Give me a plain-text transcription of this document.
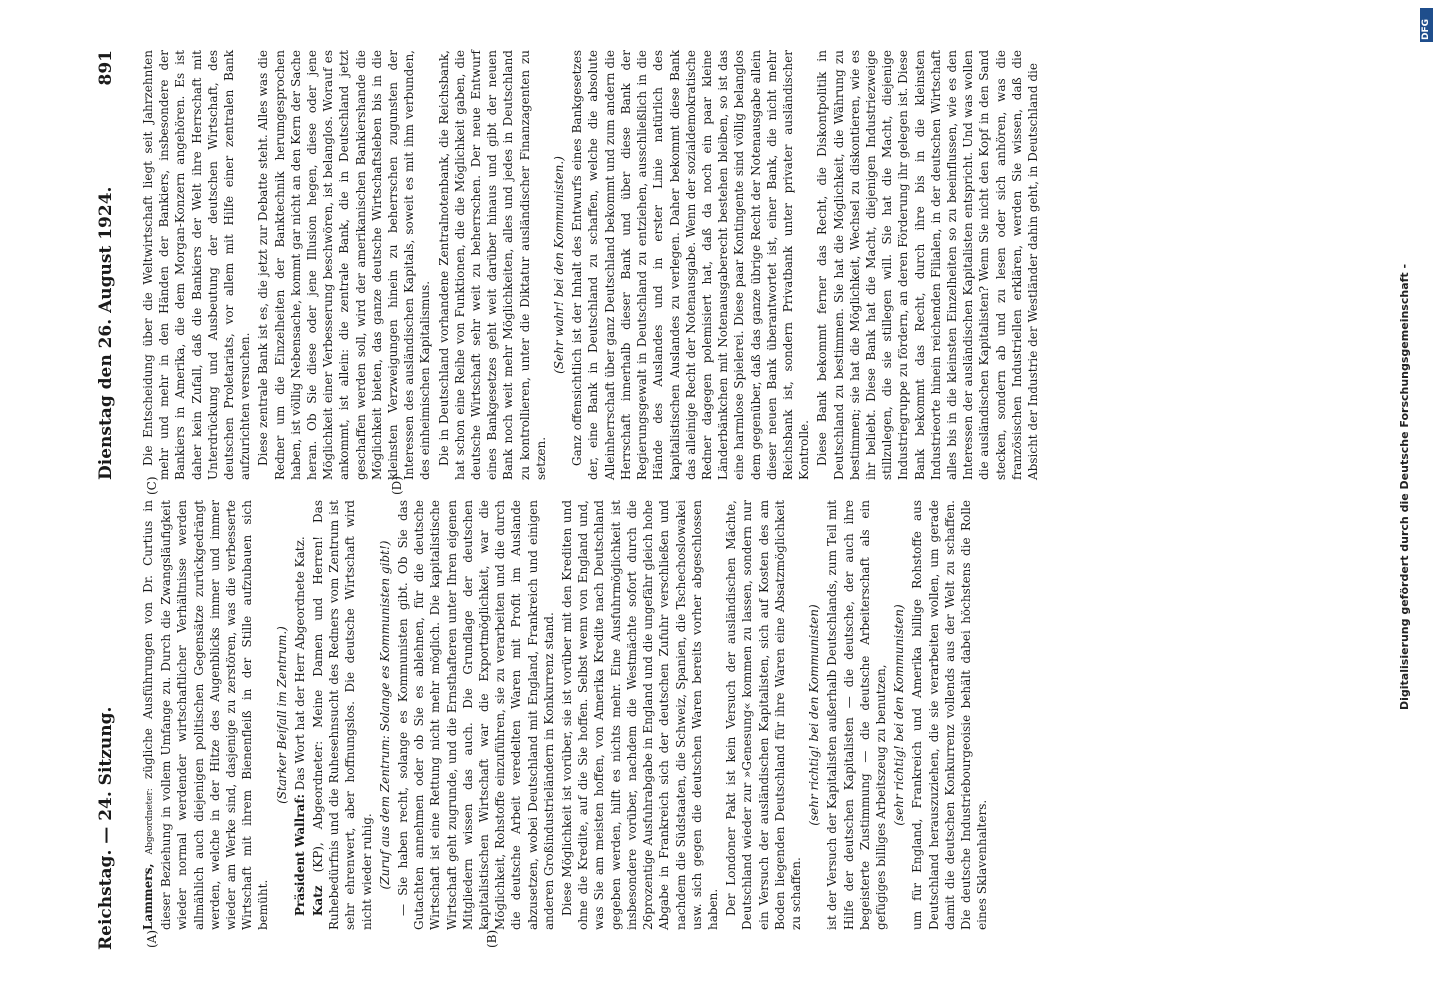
Reichstag. — 24. Sitzung.
Dienstag den 26. August 1924.
891
(A)	(B)
(C)	(D)

Lammers, Abgeordneter: zügliche Ausführungen von Dr. Curtius in dieser Beziehung in vollem Umfange zu. Durch die Zwangsläufigkeit wieder normal werdender wirtschaftlicher Verhältnisse werden allmählich auch diejenigen politischen Gegensätze zurückgedrängt werden, welche in der Hitze des Augenblicks immer und immer wieder am Werke sind, dasjenige zu zerstören, was die verbesserte Wirtschaft mit ihrem Bienenfleiß in der Stille aufzubauen sich bemüht.

(Starker Beifall im Zentrum.)

Präsident Wallraf: Das Wort hat der Herr Abgeordnete Katz.

Katz (KP), Abgeordneter: Meine Damen und Herren! Das Ruhebedürfnis und die Ruhesehnsucht des Redners vom Zentrum ist sehr ehrenwert, aber hoffnungslos. Die deutsche Wirtschaft wird nicht wieder ruhig. (Zuruf aus dem Zentrum: Solange es Kommunisten gibt!) — Sie haben recht, solange es Kommunisten gibt. Ob Sie das Gutachten annehmen oder ob Sie es ablehnen, für die deutsche Wirtschaft ist eine Rettung nicht mehr möglich. Die kapitalistische Wirtschaft geht zugrunde, und die Ernsthafteren unter Ihren eigenen Mitgliedern wissen das auch. Die Grundlage der deutschen kapitalistischen Wirtschaft war die Exportmöglichkeit, war die Möglichkeit, Rohstoffe einzuführen, sie zu verarbeiten und die durch die deutsche Arbeit veredelten Waren mit Profit im Auslande abzusetzen, wobei Deutschland mit England, Frankreich und einigen anderen Großindustrieländern in Konkurrenz stand. Diese Möglichkeit ist vorüber, sie ist vorüber mit den Krediten und ohne die Kredite, auf die Sie hoffen. Selbst wenn von England und, was Sie am meisten hoffen, von Amerika Kredite nach Deutschland gegeben werden, hilft es nichts mehr. Eine Ausfuhrmöglichkeit ist insbesondere vorüber, nachdem die Westmächte sofort durch die 26prozentige Ausfuhrabgabe in England und die ungefähr gleich hohe Abgabe in Frankreich sich der deutschen Zufuhr verschließen und nachdem die Südstaaten, die Schweiz, Spanien, die Tschechoslowakei usw. sich gegen die deutschen Waren bereits vorher abgeschlossen haben. Der Londoner Pakt ist kein Versuch der ausländischen Mächte, Deutschland wieder zur »Genesung« kommen zu lassen, sondern nur ein Versuch der ausländischen Kapitalisten, sich auf Kosten des am Boden liegenden Deutschland für ihre Waren eine Absatzmöglichkeit zu schaffen.

(sehr richtig! bei den Kommunisten) ist der Versuch der Kapitalisten außerhalb Deutschlands, zum Teil mit Hilfe der deutschen Kapitalisten — die deutsche, der auch ihre begeisterte Zustimmung — die deutsche Arbeiterschaft als ein gefügiges billiges Arbeitszeug zu benutzen, (sehr richtig! bei den Kommunisten) um für England, Frankreich und Amerika billige Rohstoffe aus Deutschland herauszuziehen, die sie verarbeiten wollen, um gerade damit die deutschen Konkurrenz vollends aus der Welt zu schaffen. Die deutsche Industriebourgeoisie behält dabei höchstens die Rolle eines Sklavenhalters.

Die Entscheidung über die Weltwirtschaft liegt seit Jahrzehnten mehr und mehr in den Händen der Bankiers, insbesondere der Bankiers in Amerika, die dem Morgan-Konzern angehören. Es ist daher kein Zufall, daß die Bankiers der Welt ihre Herrschaft mit Unterdrückung und Ausbeutung der deutschen Wirtschaft, des deutschen Proletariats, vor allem mit Hilfe einer zentralen Bank aufzurichten versuchen. Diese zentrale Bank ist es, die jetzt zur Debatte steht. Alles was die Redner um die Einzelheiten der Banktechnik herumgesprochen haben, ist völlig Nebensache, kommt gar nicht an den Kern der Sache heran. Ob Sie diese oder jene Illusion hegen, diese oder jene Möglichkeit einer Verbesserung beschwören, ist belanglos. Worauf es ankommt, ist allein: die zentrale Bank, die in Deutschland jetzt geschaffen werden soll, wird der amerikanischen Bankiershande die Möglichkeit bieten, das ganze deutsche Wirtschaftsleben bis in die kleinsten Verzweigungen hinein zu beherrschen zugunsten der Interessen des ausländischen Kapitals, soweit es mit ihm verbunden, des einheimischen Kapitalismus. Die in Deutschland vorhandene Zentralnotenbank, die Reichsbank, hat schon eine Reihe von Funktionen, die die Möglichkeit gaben, die deutsche Wirtschaft sehr weit zu beherrschen. Der neue Entwurf eines Bankgesetzes geht weit darüber hinaus und gibt der neuen Bank noch weit mehr Möglichkeiten, alles und jedes in Deutschland zu kontrollieren, unter die Diktatur ausländischer Finanzagenten zu setzen.

(Sehr wahr! bei den Kommunisten.) Ganz offensichtlich ist der Inhalt des Entwurfs eines Bankgesetzes der, eine Bank in Deutschland zu schaffen, welche die absolute Alleinherrschaft über ganz Deutschland bekommt und zum andern die Herrschaft innerhalb dieser Bank und über diese Bank der Regierungsgewalt in Deutschland zu entziehen, ausschließlich in die Hände des Auslandes und in erster Linie natürlich des kapitalistischen Auslandes zu verlegen. Daher bekommt diese Bank das alleinige Recht der Notenausgabe. Wenn der sozialdemokratische Redner dagegen polemisiert hat, daß da noch ein paar kleine Länderbänkchen mit Notenausgaberecht bestehen bleiben, so ist das eine harmlose Spielerei. Diese paar Kontingente sind völlig belanglos dem gegenüber, daß das ganze übrige Recht der Notenausgabe allein dieser neuen Bank überantwortet ist, einer Bank, die nicht mehr Reichsbank ist, sondern Privatbank unter privater ausländischer Kontrolle. Diese Bank bekommt ferner das Recht, die Diskontpolitik in Deutschland zu bestimmen. Sie hat die Möglichkeit, die Währung zu bestimmen; sie hat die Möglichkeit, Wechsel zu diskontieren, wie es ihr beliebt. Diese Bank hat die Macht, diejenigen Industriezweige stillzulegen, die sie stillegen will. Sie hat die Macht, diejenige Industriegruppe zu fördern, an deren Förderung ihr gelegen ist. Diese Bank bekommt das Recht, durch ihre bis in die kleinsten Industrieorte hinein reichenden Filialen, in der deutschen Wirtschaft alles bis in die kleinsten Einzelheiten so zu beeinflussen, wie es den Interessen der ausländischen Kapitalisten entspricht. Und was wollen die ausländischen Kapitalisten? Wenn Sie nicht den Kopf in den Sand stecken, sondern ab und zu lesen oder sich anhören, was die französischen Industriellen erklären, werden Sie wissen, daß die Absicht der Industrie der Westländer dahin geht, in Deutschland die	Digitalisierung gefördert durch die Deutsche Forschungsgemeinschaft -
DFG
